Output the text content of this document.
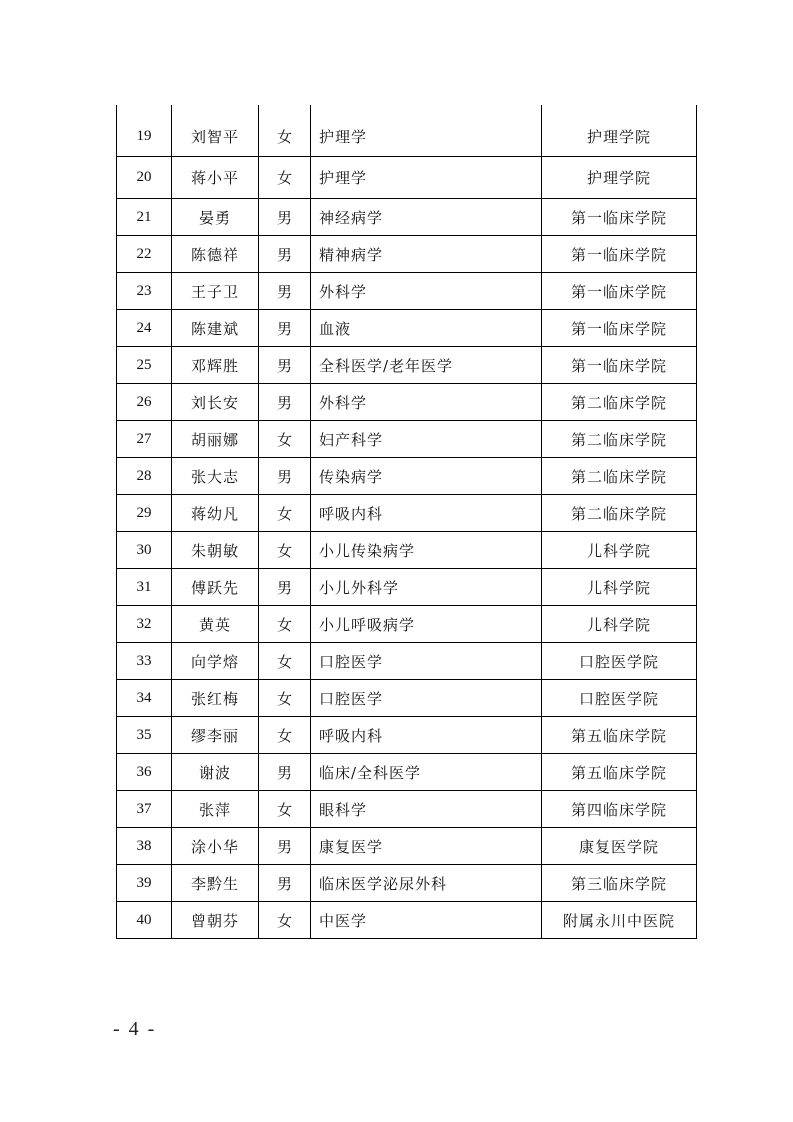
19	刘智平	女	护理学	护理学院
20	蒋小平	女	护理学	护理学院
21	晏勇	男	神经病学	第一临床学院
22	陈德祥	男	精神病学	第一临床学院
23	王子卫	男	外科学	第一临床学院
24	陈建斌	男	血液	第一临床学院
25	邓辉胜	男	全科医学/老年医学	第一临床学院
26	刘长安	男	外科学	第二临床学院
27	胡丽娜	女	妇产科学	第二临床学院
28	张大志	男	传染病学	第二临床学院
29	蒋幼凡	女	呼吸内科	第二临床学院
30	朱朝敏	女	小儿传染病学	儿科学院
31	傅跃先	男	小儿外科学	儿科学院
32	黄英	女	小儿呼吸病学	儿科学院
33	向学熔	女	口腔医学	口腔医学院
34	张红梅	女	口腔医学	口腔医学院
35	缪李丽	女	呼吸内科	第五临床学院
36	谢波	男	临床/全科医学	第五临床学院
37	张萍	女	眼科学	第四临床学院
38	涂小华	男	康复医学	康复医学院
39	李黔生	男	临床医学泌尿外科	第三临床学院
40	曾朝芬	女	中医学	附属永川中医院
- 4 -
